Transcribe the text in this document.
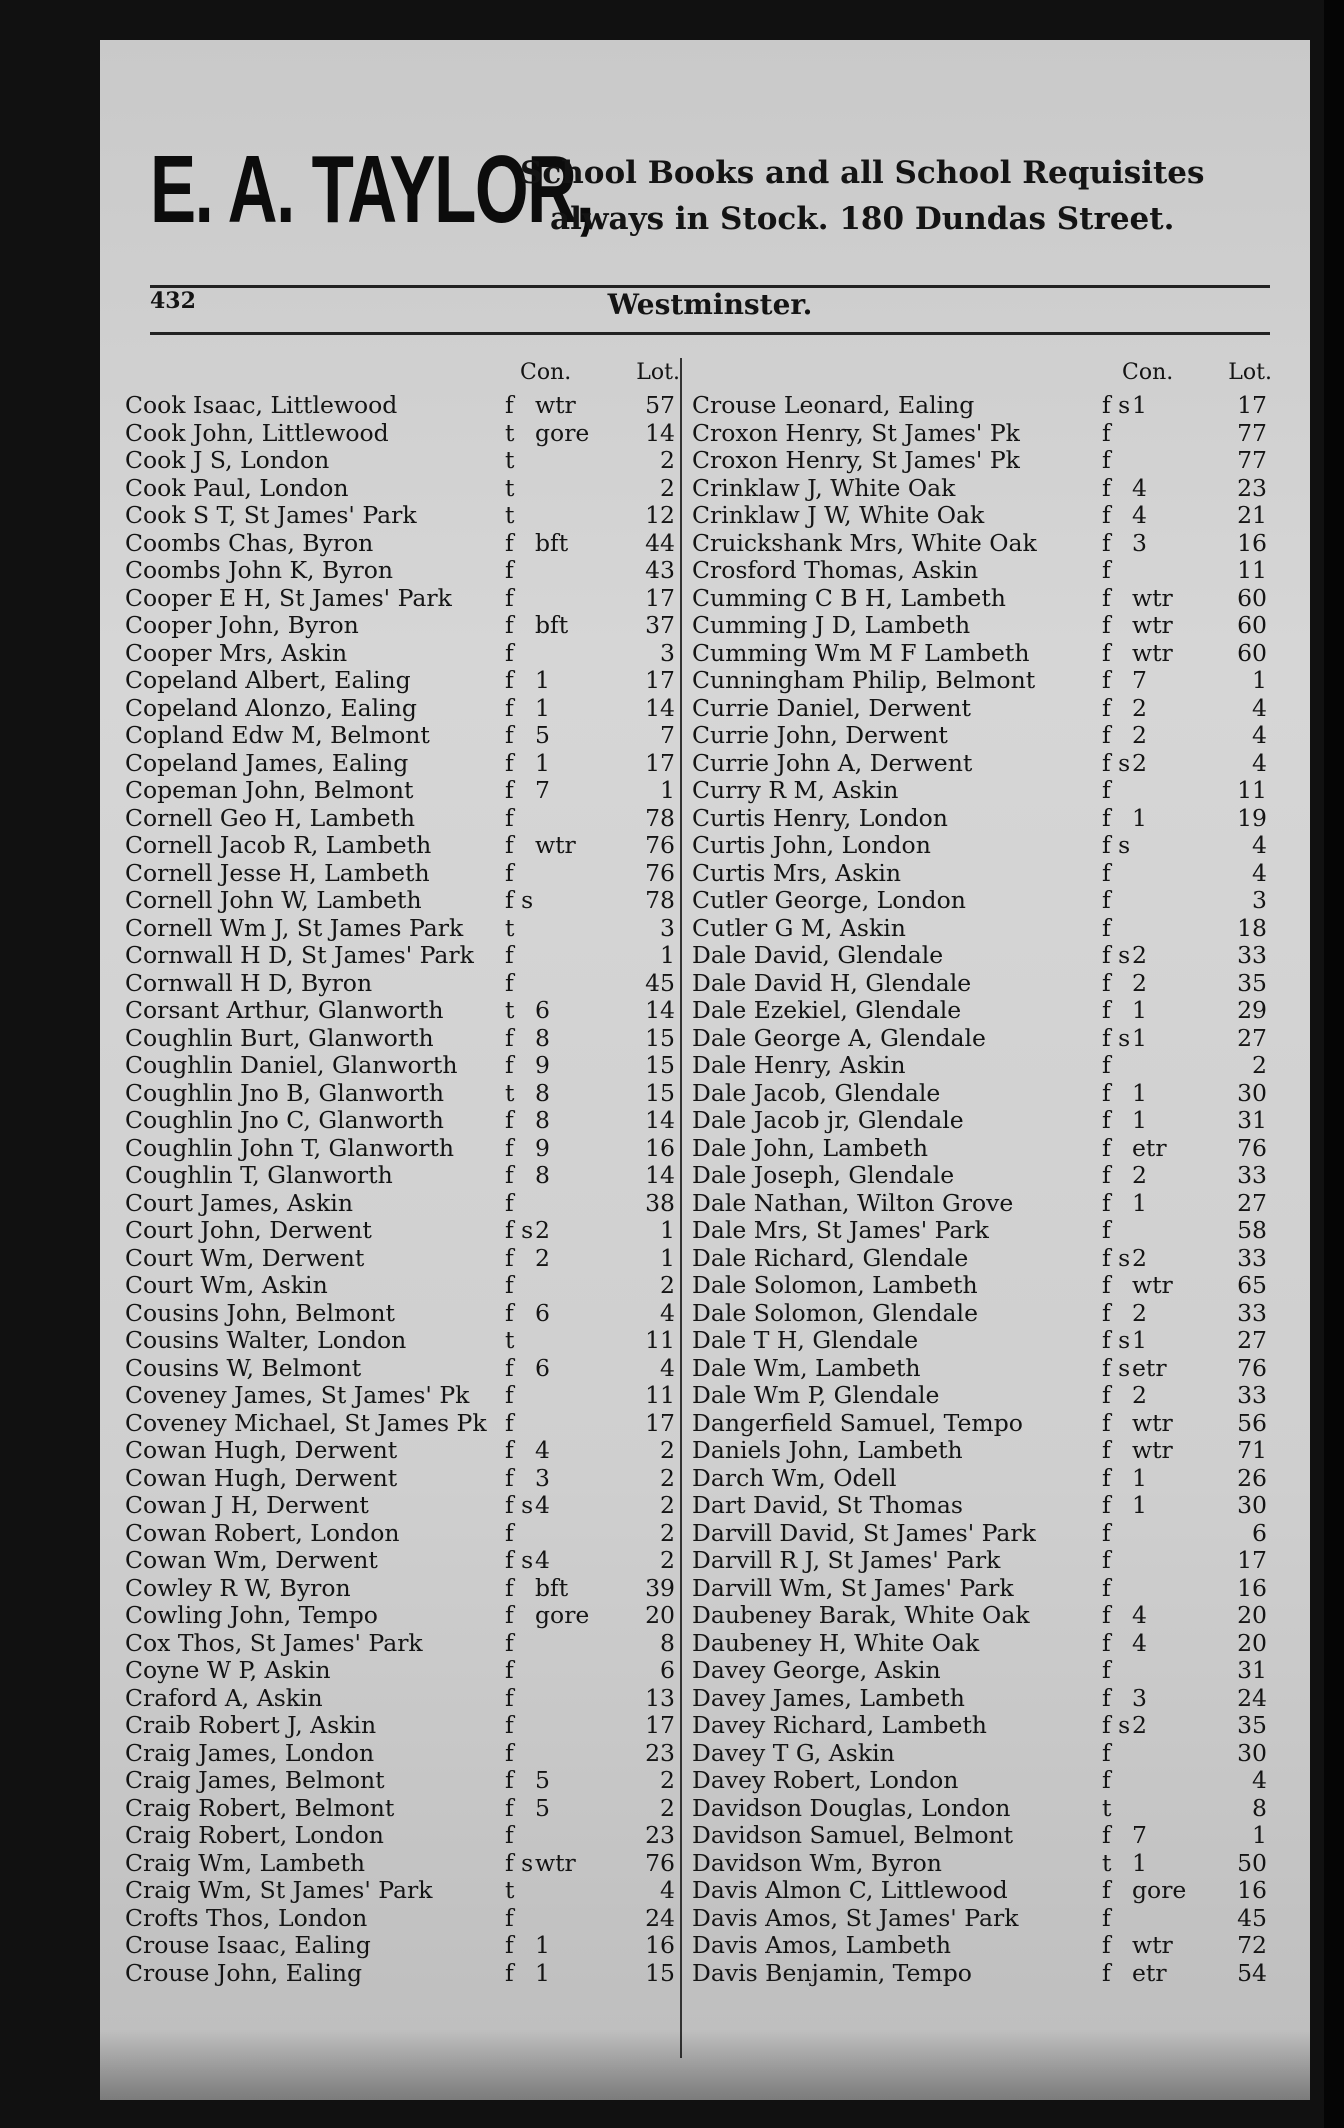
E. A. TAYLOR,
School Books and all School Requisites
always in Stock. 180 Dundas Street.
432	Westminster.
Con.	Lot.
Cook Isaac, Littlewood	f wtr	57
Cook John, Littlewood	t gore	14
Cook J S, London	t	2
Cook Paul, London	t	2
Cook S T, St James' Park	t	12
Coombs Chas, Byron	f bft	44
Coombs John K, Byron	f	43
Cooper E H, St James' Park f	17
Cooper John, Byron	f bft	37
Cooper Mrs, Askin	f	3
Copeland Albert, Ealing	f 1	17
Copeland Alonzo, Ealing	f 1	14
Copland Edw M, Belmont	f 5	7
Copeland James, Ealing	f 1	17
Copeman John, Belmont	f 7	1
Cornell Geo H, Lambeth	f	78
Cornell Jacob R, Lambeth	f wtr	76
Cornell Jesse H, Lambeth	f	76
Cornell John W, Lambeth	f s	78
Cornell Wm J, St James Park t	3
Cornwall H D, St James' Park f	1
Cornwall H D, Byron	f	45
Corsant Arthur, Glanworth	t 6	14
Coughlin Burt, Glanworth	f 8	15
Coughlin Daniel, Glanworth f 9	15
Coughlin Jno B, Glanworth	t 8	15
Coughlin Jno C, Glanworth	f 8	14
Coughlin John T, Glanworth f 9	16
Coughlin T, Glanworth	f 8	14
Court James, Askin	f	38
Court John, Derwent	f s 2	1
Court Wm, Derwent	f 2	1
Court Wm, Askin	f	2
Cousins John, Belmont	f 6	4
Cousins Walter, London	t	11
Cousins W, Belmont	f 6	4
Coveney James, St James' Pk f	11
Coveney Michael, St James Pk f	17
Cowan Hugh, Derwent	f 4	2
Cowan Hugh, Derwent	f 3	2
Cowan J H, Derwent	f s 4	2
Cowan Robert, London	f	2
Cowan Wm, Derwent	f s 4	2
Cowley R W, Byron	f bft	39
Cowling John, Tempo	f gore	20
Cox Thos, St James' Park	f	8
Coyne W P, Askin	f	6
Craford A, Askin	f	13
Craib Robert J, Askin	f	17
Craig James, London	f	23
Craig James, Belmont	f 5	2
Craig Robert, Belmont	f 5	2
Craig Robert, London	f	23
Craig Wm, Lambeth	f s wtr	76
Craig Wm, St James' Park	t	4
Crofts Thos, London	f	24
Crouse Isaac, Ealing	f 1	16
Crouse John, Ealing	f 1	15
Con.	Lot.
Crouse Leonard, Ealing	f s 1	17
Croxon Henry, St James' Pk	f	77
Croxon Henry, St James' Pk	f	77
Crinklaw J, White Oak	f 4	23
Crinklaw J W, White Oak	f 4	21
Cruickshank Mrs, White Oak	f 3	16
Crosford Thomas, Askin	f	11
Cumming C B H, Lambeth	f wtr	60
Cumming J D, Lambeth	f wtr	60
Cumming Wm M F Lambeth	f wtr	60
Cunningham Philip, Belmont	f 7	1
Currie Daniel, Derwent	f 2	4
Currie John, Derwent	f 2	4
Currie John A, Derwent	f s 2	4
Curry R M, Askin	f	11
Curtis Henry, London	f 1	19
Curtis John, London	f s	4
Curtis Mrs, Askin	f	4
Cutler George, London	f	3
Cutler G M, Askin	f	18
Dale David, Glendale	f s 2	33
Dale David H, Glendale	f 2	35
Dale Ezekiel, Glendale	f 1	29
Dale George A, Glendale	f s 1	27
Dale Henry, Askin	f	2
Dale Jacob, Glendale	f 1	30
Dale Jacob jr, Glendale	f 1	31
Dale John, Lambeth	f etr	76
Dale Joseph, Glendale	f 2	33
Dale Nathan, Wilton Grove	f 1	27
Dale Mrs, St James' Park	f	58
Dale Richard, Glendale	f s 2	33
Dale Solomon, Lambeth	f wtr	65
Dale Solomon, Glendale	f 2	33
Dale T H, Glendale	f s 1	27
Dale Wm, Lambeth	f s etr	76
Dale Wm P, Glendale	f 2	33
Dangerfield Samuel, Tempo	f wtr	56
Daniels John, Lambeth	f wtr	71
Darch Wm, Odell	f 1	26
Dart David, St Thomas	f 1	30
Darvill David, St James' Park	f	6
Darvill R J, St James' Park	f	17
Darvill Wm, St James' Park	f	16
Daubeney Barak, White Oak	f 4	20
Daubeney H, White Oak	f 4	20
Davey George, Askin	f	31
Davey James, Lambeth	f 3	24
Davey Richard, Lambeth	f s 2	35
Davey T G, Askin	f	30
Davey Robert, London	f	4
Davidson Douglas, London	t	8
Davidson Samuel, Belmont	f 7	1
Davidson Wm, Byron	t 1	50
Davis Almon C, Littlewood	f gore	16
Davis Amos, St James' Park	f	45
Davis Amos, Lambeth	f wtr	72
Davis Benjamin, Tempo	f etr	54
